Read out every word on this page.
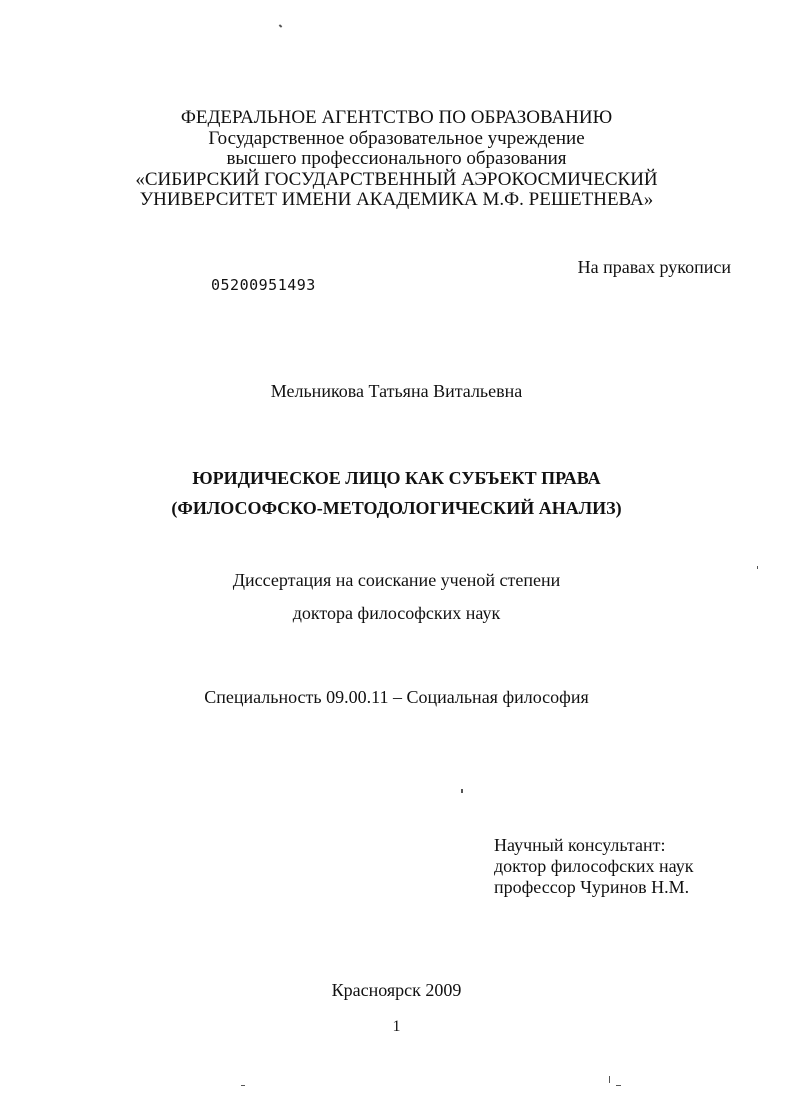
ФЕДЕРАЛЬНОЕ АГЕНТСТВО ПО ОБРАЗОВАНИЮ
Государственное образовательное учреждение
высшего профессионального образования
«СИБИРСКИЙ ГОСУДАРСТВЕННЫЙ АЭРОКОСМИЧЕСКИЙ
УНИВЕРСИТЕТ ИМЕНИ АКАДЕМИКА М.Ф. РЕШЕТНЕВА»
На правах рукописи
05200951493
Мельникова Татьяна Витальевна
ЮРИДИЧЕСКОЕ ЛИЦО КАК СУБЪЕКТ ПРАВА
(ФИЛОСОФСКО-МЕТОДОЛОГИЧЕСКИЙ АНАЛИЗ)
Диссертация на соискание ученой степени
доктора философских наук
Специальность 09.00.11 – Социальная философия
Научный консультант:
доктор философских наук
профессор Чуринов Н.М.
Красноярск 2009
1
